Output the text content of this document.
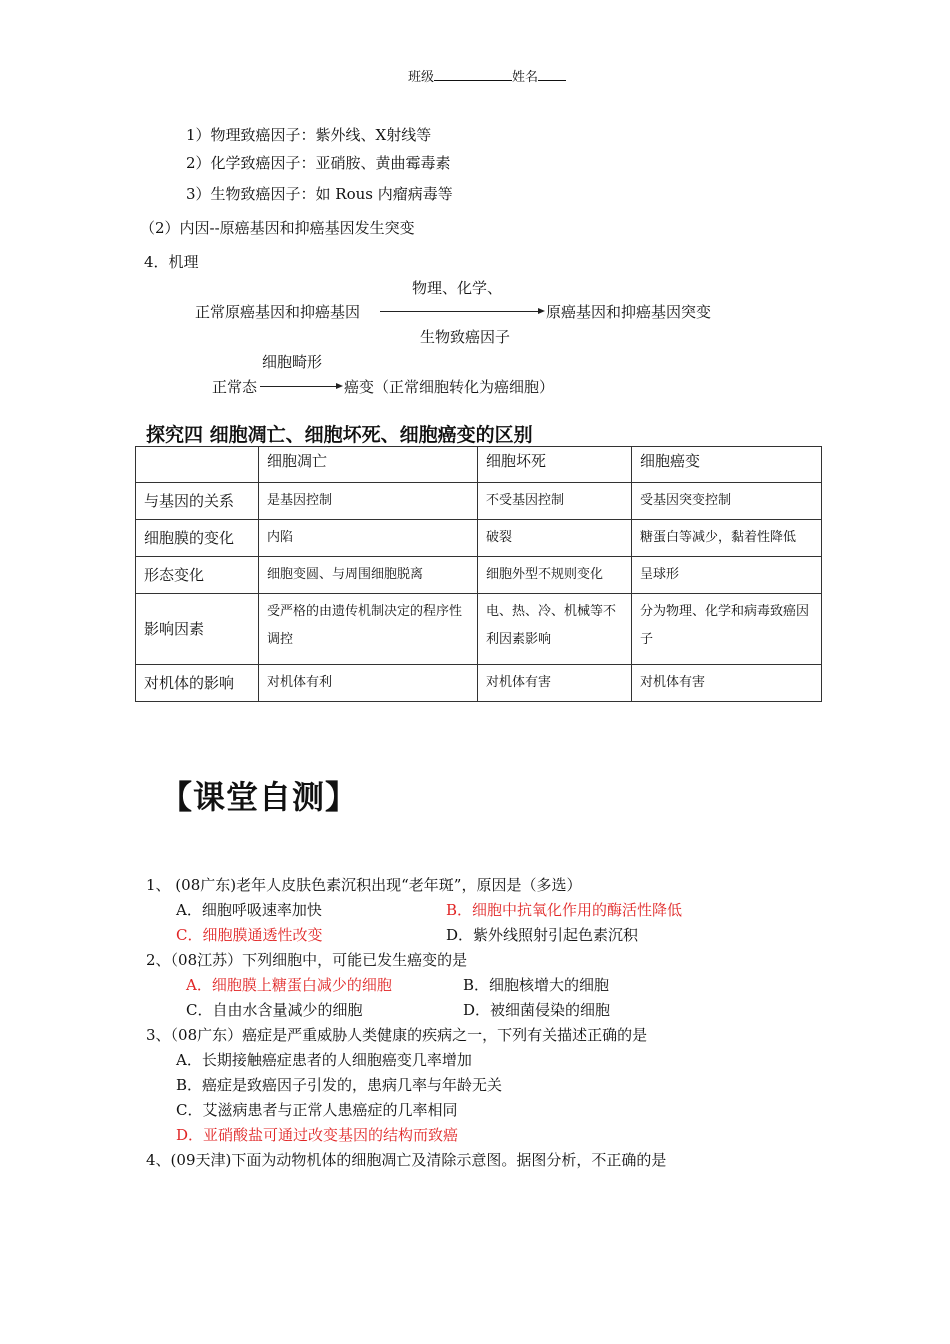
班级	姓名
1）物理致癌因子：紫外线、X射线等
2）化学致癌因子：亚硝胺、黄曲霉毒素
3）生物致癌因子：如 Rous 内瘤病毒等
（2）内因--原癌基因和抑癌基因发生突变
4．机理
物理、化学、
正常原癌基因和抑癌基因	原癌基因和抑癌基因突变
生物致癌因子
细胞畸形
正常态	癌变（正常细胞转化为癌细胞）
探究四 细胞凋亡、细胞坏死、细胞癌变的区别
	细胞凋亡	细胞坏死	细胞癌变
与基因的关系	是基因控制	不受基因控制	受基因突变控制
细胞膜的变化	内陷	破裂	糖蛋白等减少，黏着性降低
形态变化	细胞变圆、与周围细胞脱离	细胞外型不规则变化	呈球形
影响因素	受严格的由遗传机制决定的程序性调控	电、热、冷、机械等不利因素影响	分为物理、化学和病毒致癌因子
对机体的影响	对机体有利	对机体有害	对机体有害
【课堂自测】
1、 (08广东)老年人皮肤色素沉积出现“老年斑”，原因是（多选）
A．细胞呼吸速率加快	B．细胞中抗氧化作用的酶活性降低
C．细胞膜通透性改变	D．紫外线照射引起色素沉积
2、（08江苏）下列细胞中，可能已发生癌变的是
A．细胞膜上糖蛋白减少的细胞	B．细胞核增大的细胞
C．自由水含量减少的细胞	D．被细菌侵染的细胞
3、（08广东）癌症是严重威胁人类健康的疾病之一，下列有关描述正确的是
A．长期接触癌症患者的人细胞癌变几率增加
B．癌症是致癌因子引发的，患病几率与年龄无关
C．艾滋病患者与正常人患癌症的几率相同
D．亚硝酸盐可通过改变基因的结构而致癌
4、(09天津)下面为动物机体的细胞凋亡及清除示意图。据图分析，不正确的是
